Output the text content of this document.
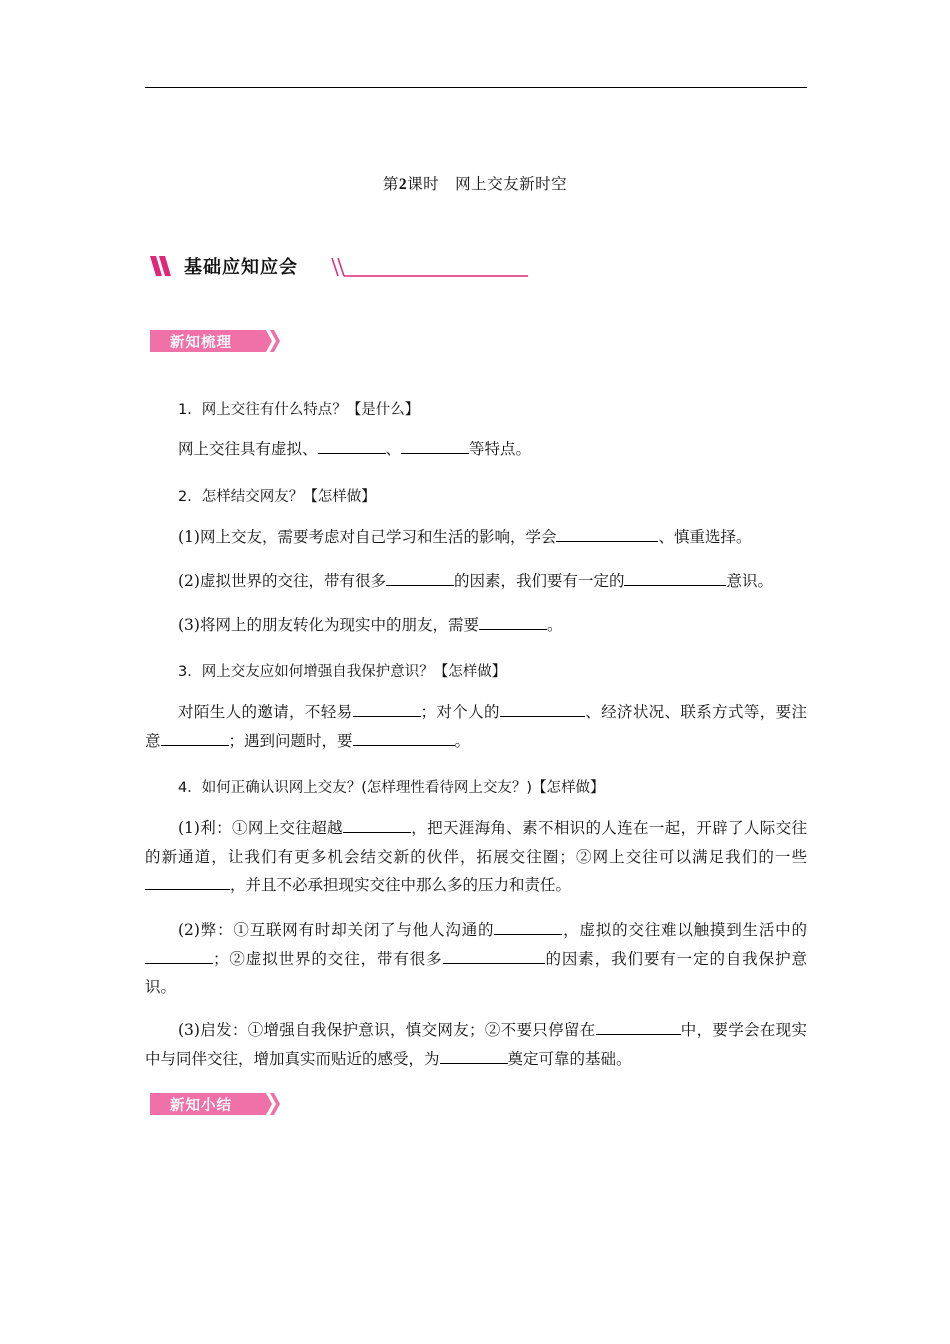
第2课时　网上交友新时空
基础应知应会
新知梳理
1．网上交往有什么特点？【是什么】
网上交往具有虚拟、	、	等特点。
2．怎样结交网友？【怎样做】
(1)网上交友，需要考虑对自己学习和生活的影响，学会	、慎重选择。
(2)虚拟世界的交往，带有很多	的因素，我们要有一定的	意识。
(3)将网上的朋友转化为现实中的朋友，需要	。
3．网上交友应如何增强自我保护意识？【怎样做】
对陌生人的邀请，不轻易	；对个人的	、经济状况、联系方式等，要注意	；遇到问题时，要	。
4．如何正确认识网上交友？(怎样理性看待网上交友？)【怎样做】
(1)利：①网上交往超越	，把天涯海角、素不相识的人连在一起，开辟了人际交往的新通道，让我们有更多机会结交新的伙伴，拓展交往圈；②网上交往可以满足我们的一些，并且不必承担现实交往中那么多的压力和责任。
(2)弊：①互联网有时却关闭了与他人沟通的	，虚拟的交往难以触摸到生活中的；②虚拟世界的交往，带有很多	的因素，我们要有一定的自我保护意识。
(3)启发：①增强自我保护意识，慎交网友；②不要只停留在	中，要学会在现实中与同伴交往，增加真实而贴近的感受，为	奠定可靠的基础。
新知小结
